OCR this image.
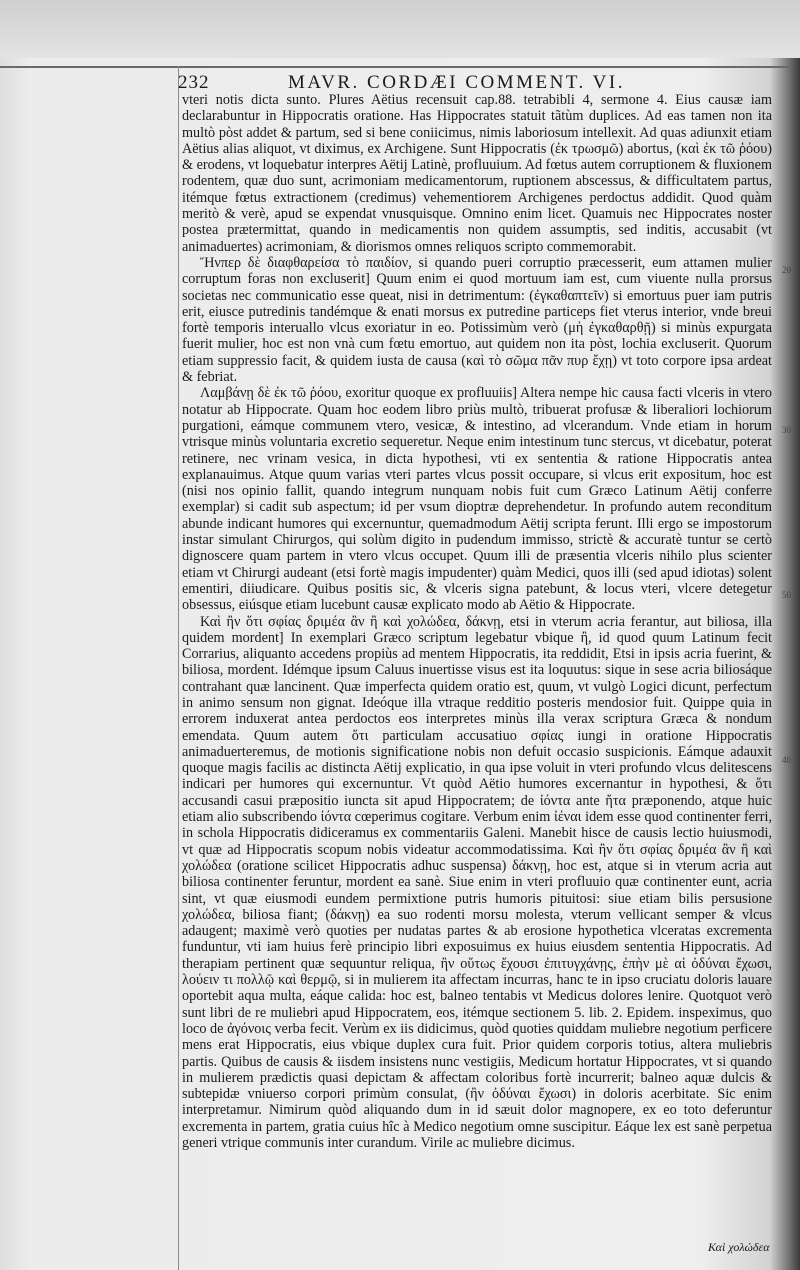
232	MAVR. CORDÆI COMMENT. VI.

vteri notis dicta sunto. Plures Aëtius recensuit cap.88. tetrabibli 4, sermone 4. Eius causæ iam declarabuntur in Hippocratis oratione. Has Hippocrates statuit tãtùm duplices. Ad eas tamen non ita multò pòst addet & partum, sed si bene coniicimus, nimis laboriosum intellexit. Ad quas adiunxit etiam Aëtius alias aliquot, vt diximus, ex Archigene. Sunt Hippocratis (ἐκ τρωσμῶ) abortus, (καὶ ἐκ τῶ ῥόου) & erodens, vt loquebatur interpres Aëtij Latinè, profluuium. Ad fœtus autem corruptionem & fluxionem rodentem, quæ duo sunt, acrimoniam medicamentorum, ruptionem abscessus, & difficultatem partus, itémque fœtus extractionem (credimus) vehementiorem Archigenes perdoctus addidit. Quod quàm meritò & verè, apud se expendat vnusquisque. Omnino enim licet. Quamuis nec Hippocrates noster postea prætermittat, quando in medicamentis non quidem assumptis, sed inditis, accusabit (vt animaduertes) acrimoniam, & diorismos omnes reliquos scripto commemorabit.

Ἤνπερ δὲ διαφθαρείσα τὸ παιδίον, si quando pueri corruptio præcesserit, eum attamen mulier corruptum foras non excluserit] Quum enim ei quod mortuum iam est, cum viuente nulla prorsus societas nec communicatio esse queat, nisi in detrimentum: (ἐγκαθαπτεῖν) si emortuus puer iam putris erit, eiusce putredinis tandémque & enati morsus ex putredine particeps fiet vterus interior, vnde breui fortè temporis interuallo vlcus exoriatur in eo. Potissimùm verò (μὴ ἐγκαθαρθῇ) si minùs expurgata fuerit mulier, hoc est non vnà cum fœtu emortuo, aut quidem non ita pòst, lochia excluserit. Quorum etiam suppressio facit, & quidem iusta de causa (καὶ τὸ σῶμα πᾶν πυρ ἔχῃ) vt toto corpore ipsa ardeat & febriat.

Λαμβάνῃ δὲ ἐκ τῶ ῥόου, exoritur quoque ex profluuiis] Altera nempe hic causa facti vlceris in vtero notatur ab Hippocrate. Quam hoc eodem libro priùs multò, tribuerat profusæ & liberaliori lochiorum purgationi, eámque communem vtero, vesicæ, & intestino, ad vlcerandum. Vnde etiam in horum vtrisque minùs voluntaria excretio sequeretur. Neque enim intestinum tunc stercus, vt dicebatur, poterat retinere, nec vrinam vesica, in dicta hypothesi, vti ex sententia & ratione Hippocratis antea explanauimus. Atque quum varias vteri partes vlcus possit occupare, si vlcus erit expositum, hoc est (nisi nos opinio fallit, quando integrum nunquam nobis fuit cum Græco Latinum Aëtij conferre exemplar) si cadit sub aspectum; id per vsum dioptræ deprehendetur. In profundo autem reconditum abunde indicant humores qui excernuntur, quemadmodum Aëtij scripta ferunt. Illi ergo se impostorum instar simulant Chirurgos, qui solùm digito in pudendum immisso, strictè & accuratè tuntur se certò dignoscere quam partem in vtero vlcus occupet. Quum illi de præsentia vlceris nihilo plus scienter etiam vt Chirurgi audeant (etsi fortè magis impudenter) quàm Medici, quos illi (sed apud idiotas) solent ementiri, diiudicare. Quibus positis sic, & vlceris signa patebunt, & locus vteri, vlcere detegetur obsessus, eiúsque etiam lucebunt causæ explicato modo ab Aëtio & Hippocrate.

Καὶ ἢν ὅτι σφίας δριμέα ἂν ἢ καὶ χολώδεα, δάκνῃ, etsi in vterum acria ferantur, aut biliosa, illa quidem mordent] In exemplari Græco scriptum legebatur vbique ἢ, id quod quum Latinum fecit Corrarius, aliquanto accedens propiùs ad mentem Hippocratis, ita reddidit, Etsi in ipsis acria fuerint, & biliosa, mordent. Idémque ipsum Caluus inuertisse visus est ita loquutus: sique in sese acria biliosáque contrahant quæ lancinent. Quæ imperfecta quidem oratio est, quum, vt vulgò Logici dicunt, perfectum in animo sensum non gignat. Ideóque illa vtraque redditio posteris mendosior fuit. Quippe quia in errorem induxerat antea perdoctos eos interpretes minùs illa verax scriptura Græca & nondum emendata. Quum autem ὅτι particulam accusatiuo σφίας iungi in oratione Hippocratis animaduerteremus, de motionis significatione nobis non defuit occasio suspicionis. Eámque adauxit quoque magis facilis ac distincta Aëtij explicatio, in qua ipse voluit in vteri profundo vlcus delitescens indicari per humores qui excernuntur. Vt quòd Aëtio humores excernantur in hypothesi, & ὅτι accusandi casui præpositio iuncta sit apud Hippocratem; de ἰόντα ante ἤτα præponendo, atque huic etiam alio subscribendo ἰόντα cœperimus cogitare. Verbum enim ἰέναι idem esse quod continenter ferri, in schola Hippocratis didiceramus ex commentariis Galeni. Manebit hisce de causis lectio huiusmodi, vt quæ ad Hippocratis scopum nobis videatur accommodatissima. Καὶ ἢν ὅτι σφίας δριμέα ἂν ἢ καὶ χολώδεα (oratione scilicet Hippocratis adhuc suspensa) δάκνῃ, hoc est, atque si in vterum acria aut biliosa continenter feruntur, mordent ea sanè. Siue enim in vteri profluuio quæ continenter eunt, acria sint, vt quæ eiusmodi eundem permixtione putris humoris pituitosi: siue etiam bilis persusione χολώδεα, biliosa fiant; (δάκνῃ) ea suo rodenti morsu molesta, vterum vellicant semper & vlcus adaugent; maximè verò quoties per nudatas partes & ab erosione hypothetica vlceratas excrementa funduntur, vti iam huius ferè principio libri exposuimus ex huius eiusdem sententia Hippocratis. Ad therapiam pertinent quæ sequuntur reliqua, ἢν οὕτως ἔχουσι ἐπιτυγχάνῃς, ἐπὴν μὲ αἱ ὀδύναι ἔχωσι, λούειν τι πολλῷ καὶ θερμῷ, si in mulierem ita affectam incurras, hanc te in ipso cruciatu doloris lauare oportebit aqua multa, eáque calida: hoc est, balneo tentabis vt Medicus dolores lenire. Quotquot verò sunt libri de re muliebri apud Hippocratem, eos, itémque sectionem 5. lib. 2. Epidem. inspeximus, quo loco de ἀγόνοις verba fecit. Verùm ex iis didicimus, quòd quoties quiddam muliebre negotium perficere mens erat Hippocratis, eius vbique duplex cura fuit. Prior quidem corporis totius, altera muliebris partis. Quibus de causis & iisdem insistens nunc vestigiis, Medicum hortatur Hippocrates, vt si quando in mulierem prædictis quasi depictam & affectam coloribus fortè incurrerit; balneo aquæ dulcis & subtepidæ vniuerso corpori primùm consulat, (ἢν ὀδύναι ἔχωσι) in doloris acerbitate. Sic enim interpretamur. Nimirum quòd aliquando dum in id sæuit dolor magnopere, ex eo toto deferuntur excrementa in partem, gratia cuius hîc à Medico negotium omne suscipitur. Eáque lex est sanè perpetua generi vtrique communis inter curandum. Virile ac muliebre dicimus.

20
30
40
50
Καὶ χολώδεα
